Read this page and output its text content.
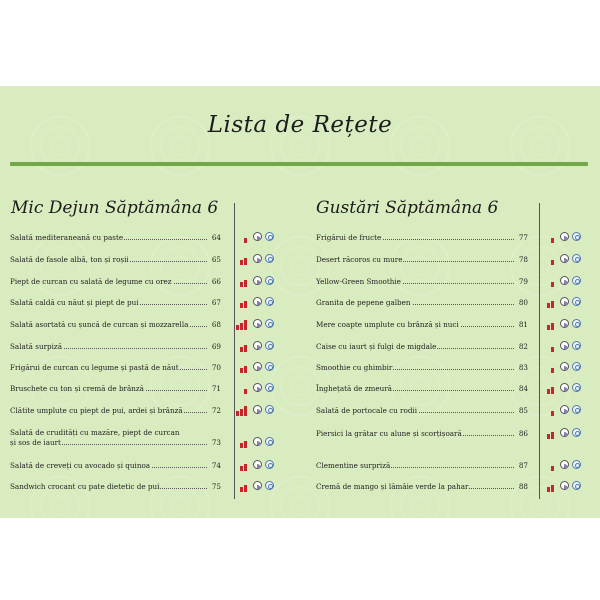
Lista de Rețete
Mic Dejun Săptămâna 6	Gustări Săptămâna 6
Salată mediteraneană cu paste	64
Salată de fasole albă, ton și roșii	65
Piept de curcan cu salată de legume cu orez	66
Salată caldă cu năut și piept de pui	67
Salată asortată cu șuncă de curcan și mozzarella	68
Salată surpiză	69
Frigărui de curcan cu legume și pastă de năut	70
Bruschete cu ton și cremă de brânză	71
Clătite umplute cu piept de pui, ardei și brânză	72
Salată de crudități cu mazăre, piept de curcan
și sos de iaurt	73
Salată de creveți cu avocado și quinoa	74
Sandwich crocant cu pate dietetic de pui	75
Frigărui de fructe	77
Desert răcoros cu mure	78
Yellow-Green Smoothie	79
Granita de pepene galben	80
Mere coapte umplute cu brânză și nuci	81
Caise cu iaurt și fulgi de migdale	82
Smoothie cu ghimbir	83
Înghețată de zmeură	84
Salată de portocale cu rodii	85
Piersici la grătar cu alune și scorțișoară	86
Clementine surpriză	87
Cremă de mango și lămâie verde la pahar	88
